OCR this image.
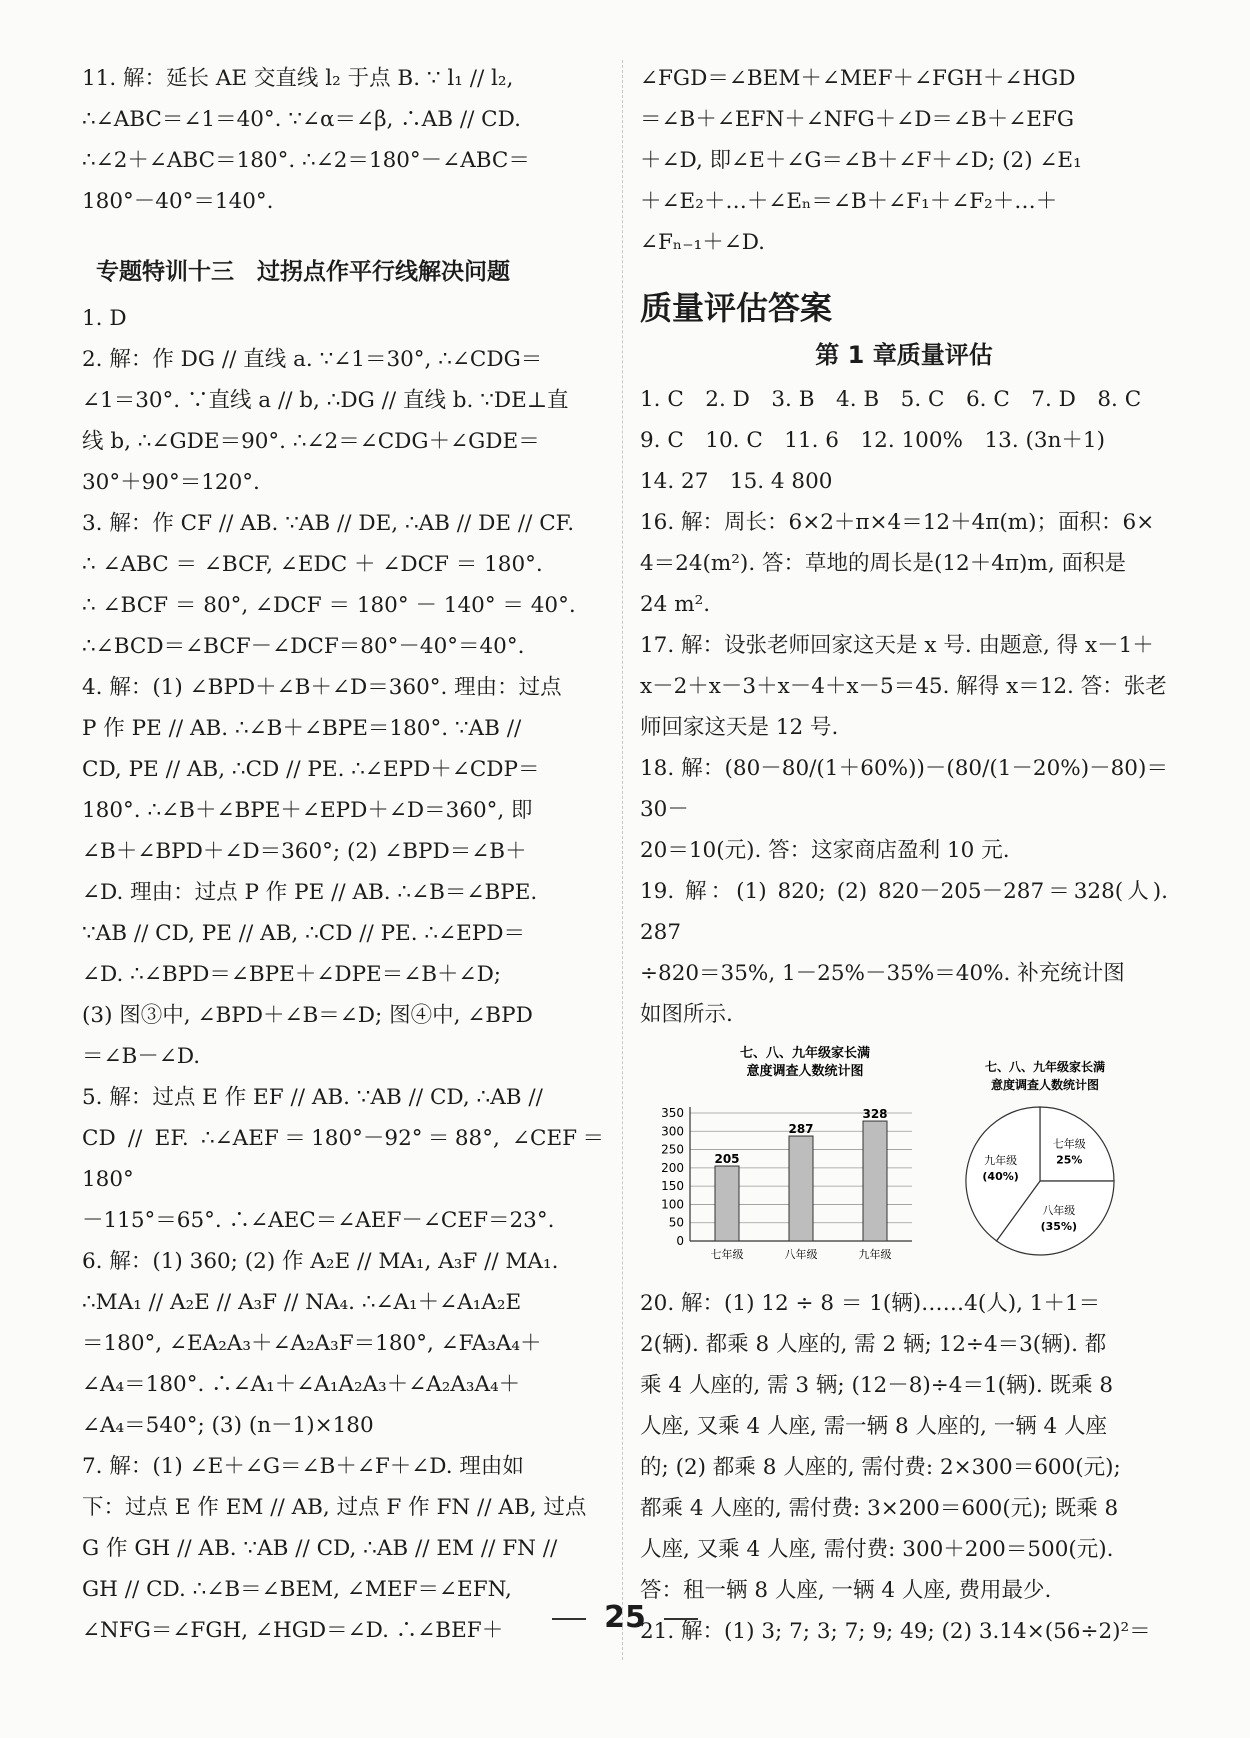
11. 解：延长 AE 交直线 l₂ 于点 B. ∵ l₁ // l₂,

∴∠ABC＝∠1＝40°. ∵∠α＝∠β, ∴AB // CD.

∴∠2＋∠ABC＝180°. ∴∠2＝180°－∠ABC＝

180°－40°＝140°.

专题特训十三　过拐点作平行线解决问题

1. D

2. 解：作 DG // 直线 a. ∵∠1＝30°, ∴∠CDG＝

∠1＝30°. ∵直线 a // b, ∴DG // 直线 b. ∵DE⊥直

线 b, ∴∠GDE＝90°. ∴∠2＝∠CDG＋∠GDE＝

30°＋90°＝120°.

3. 解：作 CF // AB. ∵AB // DE, ∴AB // DE // CF.

∴ ∠ABC ＝ ∠BCF, ∠EDC ＋ ∠DCF ＝ 180°.

∴ ∠BCF ＝ 80°, ∠DCF ＝ 180° － 140° ＝ 40°.

∴∠BCD＝∠BCF－∠DCF＝80°－40°＝40°.

4. 解：(1) ∠BPD＋∠B＋∠D＝360°. 理由：过点

P 作 PE // AB. ∴∠B＋∠BPE＝180°. ∵AB //

CD, PE // AB, ∴CD // PE. ∴∠EPD＋∠CDP＝

180°. ∴∠B＋∠BPE＋∠EPD＋∠D＝360°, 即

∠B＋∠BPD＋∠D＝360°; (2) ∠BPD＝∠B＋

∠D. 理由：过点 P 作 PE // AB. ∴∠B＝∠BPE.

∵AB // CD, PE // AB, ∴CD // PE. ∴∠EPD＝

∠D. ∴∠BPD＝∠BPE＋∠DPE＝∠B＋∠D;

(3) 图③中, ∠BPD＋∠B＝∠D; 图④中, ∠BPD

＝∠B－∠D.

5. 解：过点 E 作 EF // AB. ∵AB // CD, ∴AB //

CD // EF. ∴∠AEF＝180°－92°＝88°, ∠CEF＝180°

－115°＝65°. ∴∠AEC＝∠AEF－∠CEF＝23°.

6. 解：(1) 360; (2) 作 A₂E // MA₁, A₃F // MA₁.

∴MA₁ // A₂E // A₃F // NA₄. ∴∠A₁＋∠A₁A₂E

＝180°, ∠EA₂A₃＋∠A₂A₃F＝180°, ∠FA₃A₄＋

∠A₄＝180°. ∴∠A₁＋∠A₁A₂A₃＋∠A₂A₃A₄＋

∠A₄＝540°; (3) (n－1)×180

7. 解：(1) ∠E＋∠G＝∠B＋∠F＋∠D. 理由如

下：过点 E 作 EM // AB, 过点 F 作 FN // AB, 过点

G 作 GH // AB. ∵AB // CD, ∴AB // EM // FN //

GH // CD. ∴∠B＝∠BEM, ∠MEF＝∠EFN,

∠NFG＝∠FGH, ∠HGD＝∠D. ∴∠BEF＋

∠FGD＝∠BEM＋∠MEF＋∠FGH＋∠HGD

＝∠B＋∠EFN＋∠NFG＋∠D＝∠B＋∠EFG

＋∠D, 即∠E＋∠G＝∠B＋∠F＋∠D; (2) ∠E₁

＋∠E₂＋…＋∠Eₙ＝∠B＋∠F₁＋∠F₂＋…＋

∠Fₙ₋₁＋∠D.

质量评估答案
第 1 章质量评估

1. C　2. D　3. B　4. B　5. C　6. C　7. D　8. C

9. C　10. C　11. 6　12. 100%　13. (3n＋1)

14. 27　15. 4 800

16. 解：周长：6×2＋π×4＝12＋4π(m)；面积：6×

4＝24(m²). 答：草地的周长是(12＋4π)m, 面积是

24 m².

17. 解：设张老师回家这天是 x 号. 由题意, 得 x－1＋

x－2＋x－3＋x－4＋x－5＝45. 解得 x＝12. 答：张老

师回家这天是 12 号.

18. 解：(80－80/(1＋60%))－(80/(1－20%)－80)＝30－

20＝10(元). 答：这家商店盈利 10 元.

19. 解：(1) 820; (2) 820－205－287＝328(人). 287

÷820＝35%, 1－25%－35%＝40%. 补充统计图

如图所示.

七、八、九年级家长满
意度调查人数统计图
0
50
100
150
200
250
300
350
205
七年级
287
八年级
328
九年级
七、八、九年级家长满
意度调查人数统计图
七年级
25%
八年级
(35%)
九年级
(40%)

20. 解：(1) 12 ÷ 8 ＝ 1(辆)……4(人), 1＋1＝

2(辆). 都乘 8 人座的, 需 2 辆; 12÷4＝3(辆). 都

乘 4 人座的, 需 3 辆; (12－8)÷4＝1(辆). 既乘 8

人座, 又乘 4 人座, 需一辆 8 人座的, 一辆 4 人座

的; (2) 都乘 8 人座的, 需付费: 2×300＝600(元);

都乘 4 人座的, 需付费: 3×200＝600(元); 既乘 8

人座, 又乘 4 人座, 需付费: 300＋200＝500(元).

答：租一辆 8 人座, 一辆 4 人座, 费用最少.

21. 解：(1) 3; 7; 3; 7; 9; 49; (2) 3.14×(56÷2)²＝

25
